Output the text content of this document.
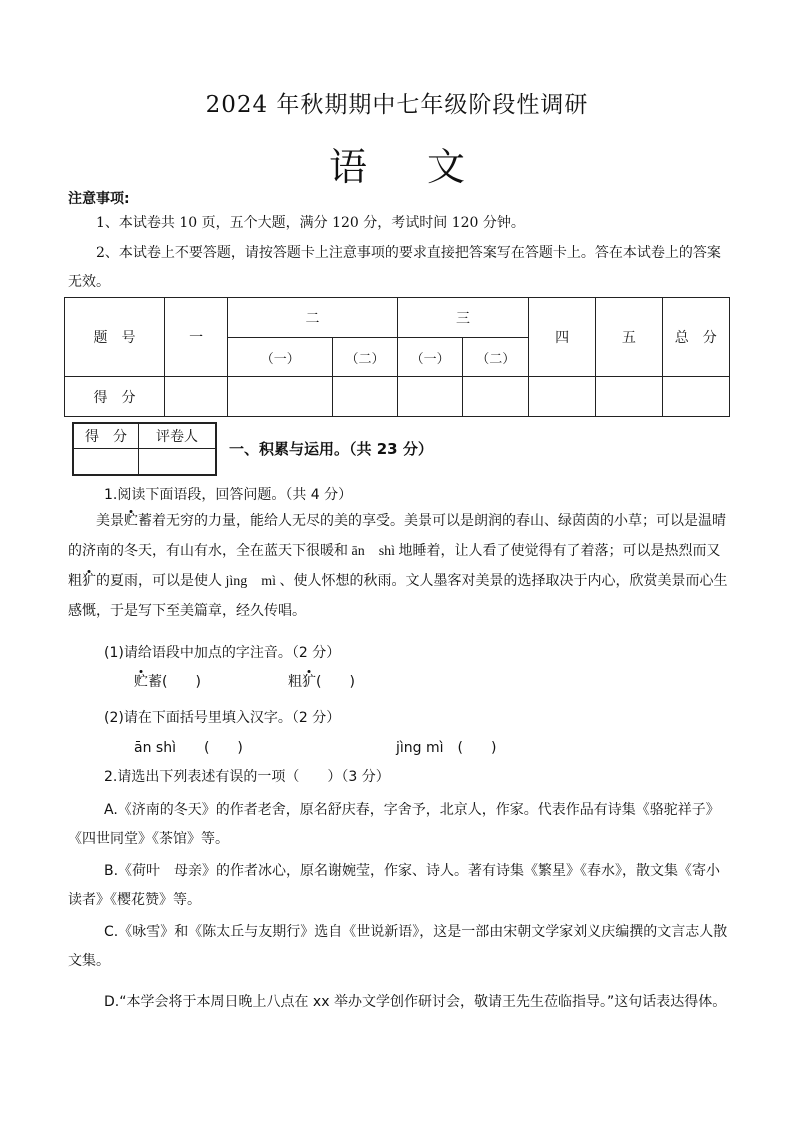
2024 年秋期期中七年级阶段性调研
语 文
注意事项:
1、本试卷共 10 页，五个大题，满分 120 分，考试时间 120 分钟。
2、本试卷上不要答题，请按答题卡上注意事项的要求直接把答案写在答题卡上。答在本试卷上的答案无效。
题　号	一	二		三		四	五	总　分
		（一）	（二）	（一）	（二）			
得　分								
得　分	评卷人

一、积累与运用。（共 23 分）
1.阅读下面语段，回答问题。（共 4 分）
美景贮蓄着无穷的力量，能给人无尽的美的享受。美景可以是朗润的春山、绿茵茵的小草；可以是温晴的济南的冬天，有山有水，全在蓝天下很暖和 ān　shì 地睡着，让人看了使觉得有了着落；可以是热烈而又粗犷的夏雨，可以是使人 jìng　mì 、使人怀想的秋雨。文人墨客对美景的选择取决于内心，欣赏美景而心生感慨，于是写下至美篇章，经久传唱。
(1)请给语段中加点的字注音。（2 分）
贮蓄(　　)	粗犷(　　)
(2)请在下面括号里填入汉字。（2 分）
ān shì　　(　　)	jìng mì　(　　)
2.请选出下列表述有误的一项（　　）（3 分）
A.《济南的冬天》的作者老舍，原名舒庆春，字舍予，北京人，作家。代表作品有诗集《骆驼祥子》《四世同堂》《茶馆》等。
B.《荷叶　母亲》的作者冰心，原名谢婉莹，作家、诗人。著有诗集《繁星》《春水》，散文集《寄小读者》《樱花赞》等。
C.《咏雪》和《陈太丘与友期行》选自《世说新语》，这是一部由宋朝文学家刘义庆编撰的文言志人散文集。
D.“本学会将于本周日晚上八点在 xx 举办文学创作研讨会，敬请王先生莅临指导。”这句话表达得体。
